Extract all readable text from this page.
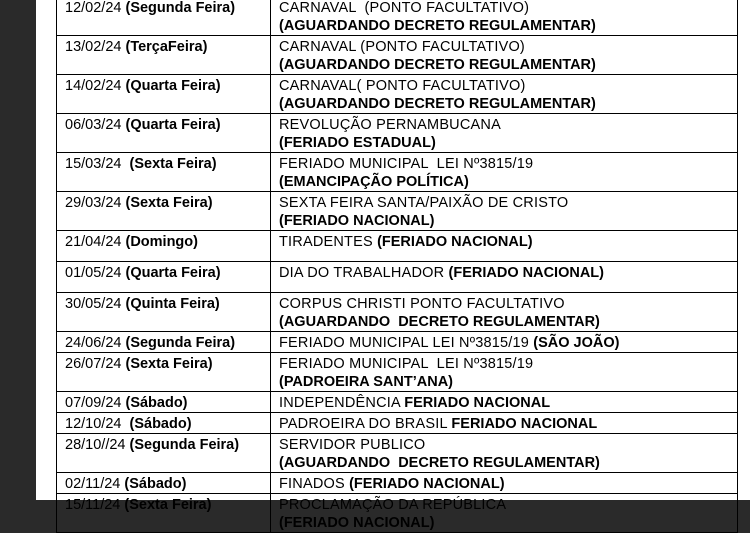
12/02/24 (Segunda Feira)	CARNAVAL  (PONTO FACULTATIVO)
(AGUARDANDO DECRETO REGULAMENTAR)

13/02/24 (TerçaFeira)	CARNAVAL (PONTO FACULTATIVO)
(AGUARDANDO DECRETO REGULAMENTAR)

14/02/24 (Quarta Feira)	CARNAVAL( PONTO FACULTATIVO)
(AGUARDANDO DECRETO REGULAMENTAR)

06/03/24 (Quarta Feira)	REVOLUÇÃO PERNAMBUCANA
(FERIADO ESTADUAL)

15/03/24  (Sexta Feira)	FERIADO MUNICIPAL  LEI Nº3815/19
(EMANCIPAÇÃO POLÍTICA)

29/03/24 (Sexta Feira)	SEXTA FEIRA SANTA/PAIXÃO DE CRISTO
(FERIADO NACIONAL)

21/04/24 (Domingo)	TIRADENTES (FERIADO NACIONAL)

01/05/24 (Quarta Feira)	DIA DO TRABALHADOR (FERIADO NACIONAL)

30/05/24 (Quinta Feira)	CORPUS CHRISTI PONTO FACULTATIVO
(AGUARDANDO  DECRETO REGULAMENTAR)

24/06/24 (Segunda Feira)	FERIADO MUNICIPAL LEI Nº3815/19 (SÃO JOÃO)

26/07/24 (Sexta Feira)	FERIADO MUNICIPAL  LEI Nº3815/19
(PADROEIRA SANT’ANA)

07/09/24 (Sábado)	INDEPENDÊNCIA FERIADO NACIONAL

12/10/24  (Sábado)	PADROEIRA DO BRASIL FERIADO NACIONAL

28/10//24 (Segunda Feira)	SERVIDOR PUBLICO
(AGUARDANDO  DECRETO REGULAMENTAR)

02/11/24 (Sábado)	FINADOS (FERIADO NACIONAL)

15/11/24 (Sexta Feira)	PROCLAMAÇÃO DA REPÚBLICA
(FERIADO NACIONAL)
